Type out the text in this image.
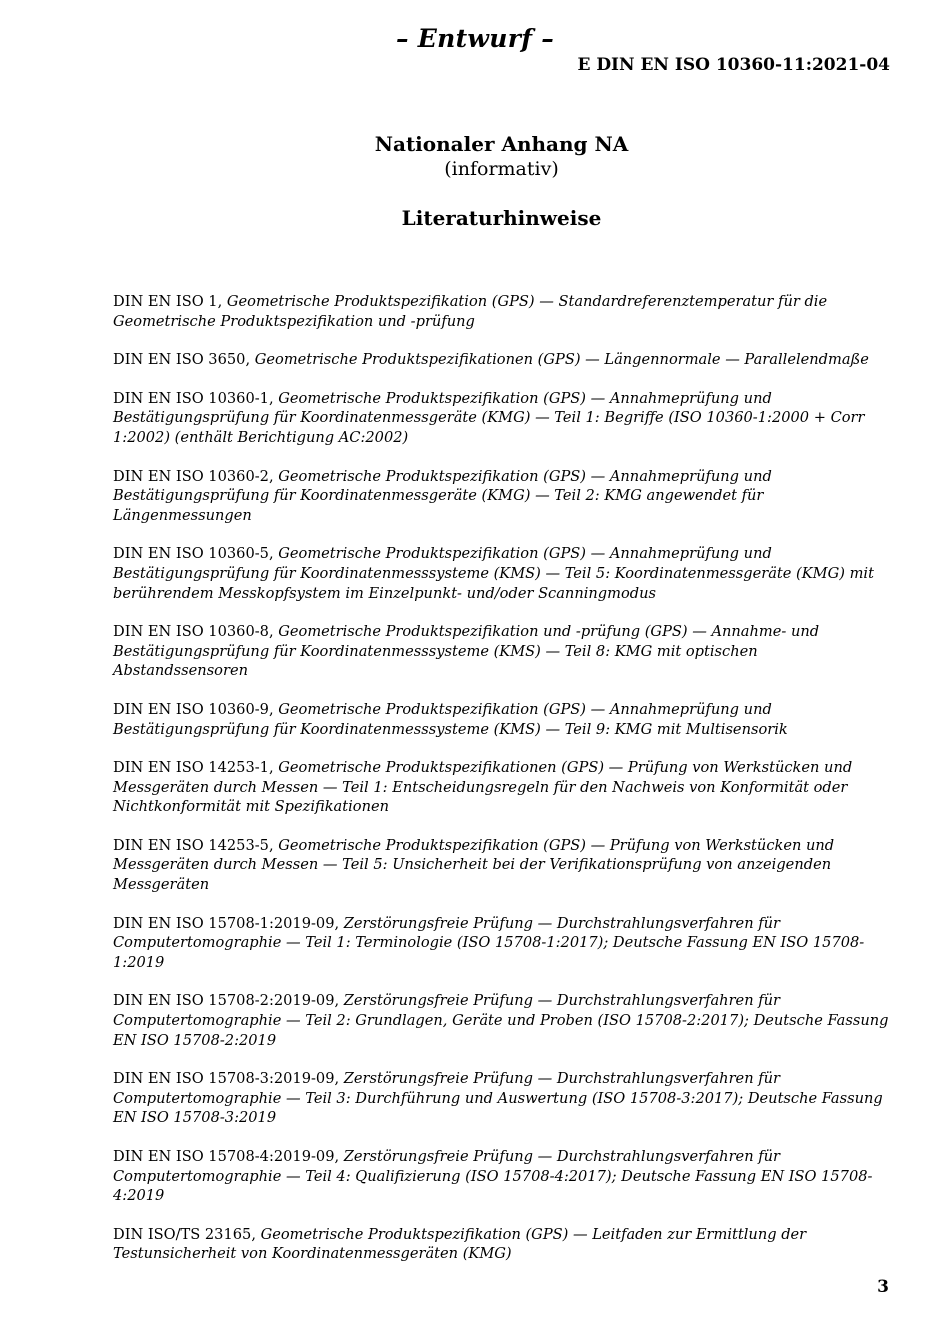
– Entwurf –
E DIN EN ISO 10360-11:2021-04
Nationaler Anhang NA
(informativ)
Literaturhinweise

DIN EN ISO 1, Geometrische Produktspezifikation (GPS) — Standardreferenztemperatur für die Geometrische Produktspezifikation und -prüfung

DIN EN ISO 3650, Geometrische Produktspezifikationen (GPS) — Längennormale — Parallelendmaße

DIN EN ISO 10360-1, Geometrische Produktspezifikation (GPS) — Annahmeprüfung und Bestätigungsprüfung für Koordinatenmessgeräte (KMG) — Teil 1: Begriffe (ISO 10360-1:2000 + Corr 1:2002) (enthält Berichtigung AC:2002)

DIN EN ISO 10360-2, Geometrische Produktspezifikation (GPS) — Annahmeprüfung und Bestätigungsprüfung für Koordinatenmessgeräte (KMG) — Teil 2: KMG angewendet für Längenmessungen

DIN EN ISO 10360-5, Geometrische Produktspezifikation (GPS) — Annahmeprüfung und Bestätigungsprüfung für Koordinatenmesssysteme (KMS) — Teil 5: Koordinatenmessgeräte (KMG) mit berührendem Messkopfsystem im Einzelpunkt- und/oder Scanningmodus

DIN EN ISO 10360-8, Geometrische Produktspezifikation und -prüfung (GPS) — Annahme- und Bestätigungsprüfung für Koordinatenmesssysteme (KMS) — Teil 8: KMG mit optischen Abstandssensoren

DIN EN ISO 10360-9, Geometrische Produktspezifikation (GPS) — Annahmeprüfung und Bestätigungsprüfung für Koordinatenmesssysteme (KMS) — Teil 9: KMG mit Multisensorik

DIN EN ISO 14253-1, Geometrische Produktspezifikationen (GPS) — Prüfung von Werkstücken und Messgeräten durch Messen — Teil 1: Entscheidungsregeln für den Nachweis von Konformität oder Nichtkonformität mit Spezifikationen

DIN EN ISO 14253-5, Geometrische Produktspezifikation (GPS) — Prüfung von Werkstücken und Messgeräten durch Messen — Teil 5: Unsicherheit bei der Verifikationsprüfung von anzeigenden Messgeräten

DIN EN ISO 15708-1:2019-09, Zerstörungsfreie Prüfung — Durchstrahlungsverfahren für Computertomographie — Teil 1: Terminologie (ISO 15708-1:2017); Deutsche Fassung EN ISO 15708-1:2019

DIN EN ISO 15708-2:2019-09, Zerstörungsfreie Prüfung — Durchstrahlungsverfahren für Computertomographie — Teil 2: Grundlagen, Geräte und Proben (ISO 15708-2:2017); Deutsche Fassung EN ISO 15708-2:2019

DIN EN ISO 15708-3:2019-09, Zerstörungsfreie Prüfung — Durchstrahlungsverfahren für Computertomographie — Teil 3: Durchführung und Auswertung (ISO 15708-3:2017); Deutsche Fassung EN ISO 15708-3:2019

DIN EN ISO 15708-4:2019-09, Zerstörungsfreie Prüfung — Durchstrahlungsverfahren für Computertomographie — Teil 4: Qualifizierung (ISO 15708-4:2017); Deutsche Fassung EN ISO 15708-4:2019

DIN ISO/TS 23165, Geometrische Produktspezifikation (GPS) — Leitfaden zur Ermittlung der Testunsicherheit von Koordinatenmessgeräten (KMG)

3
